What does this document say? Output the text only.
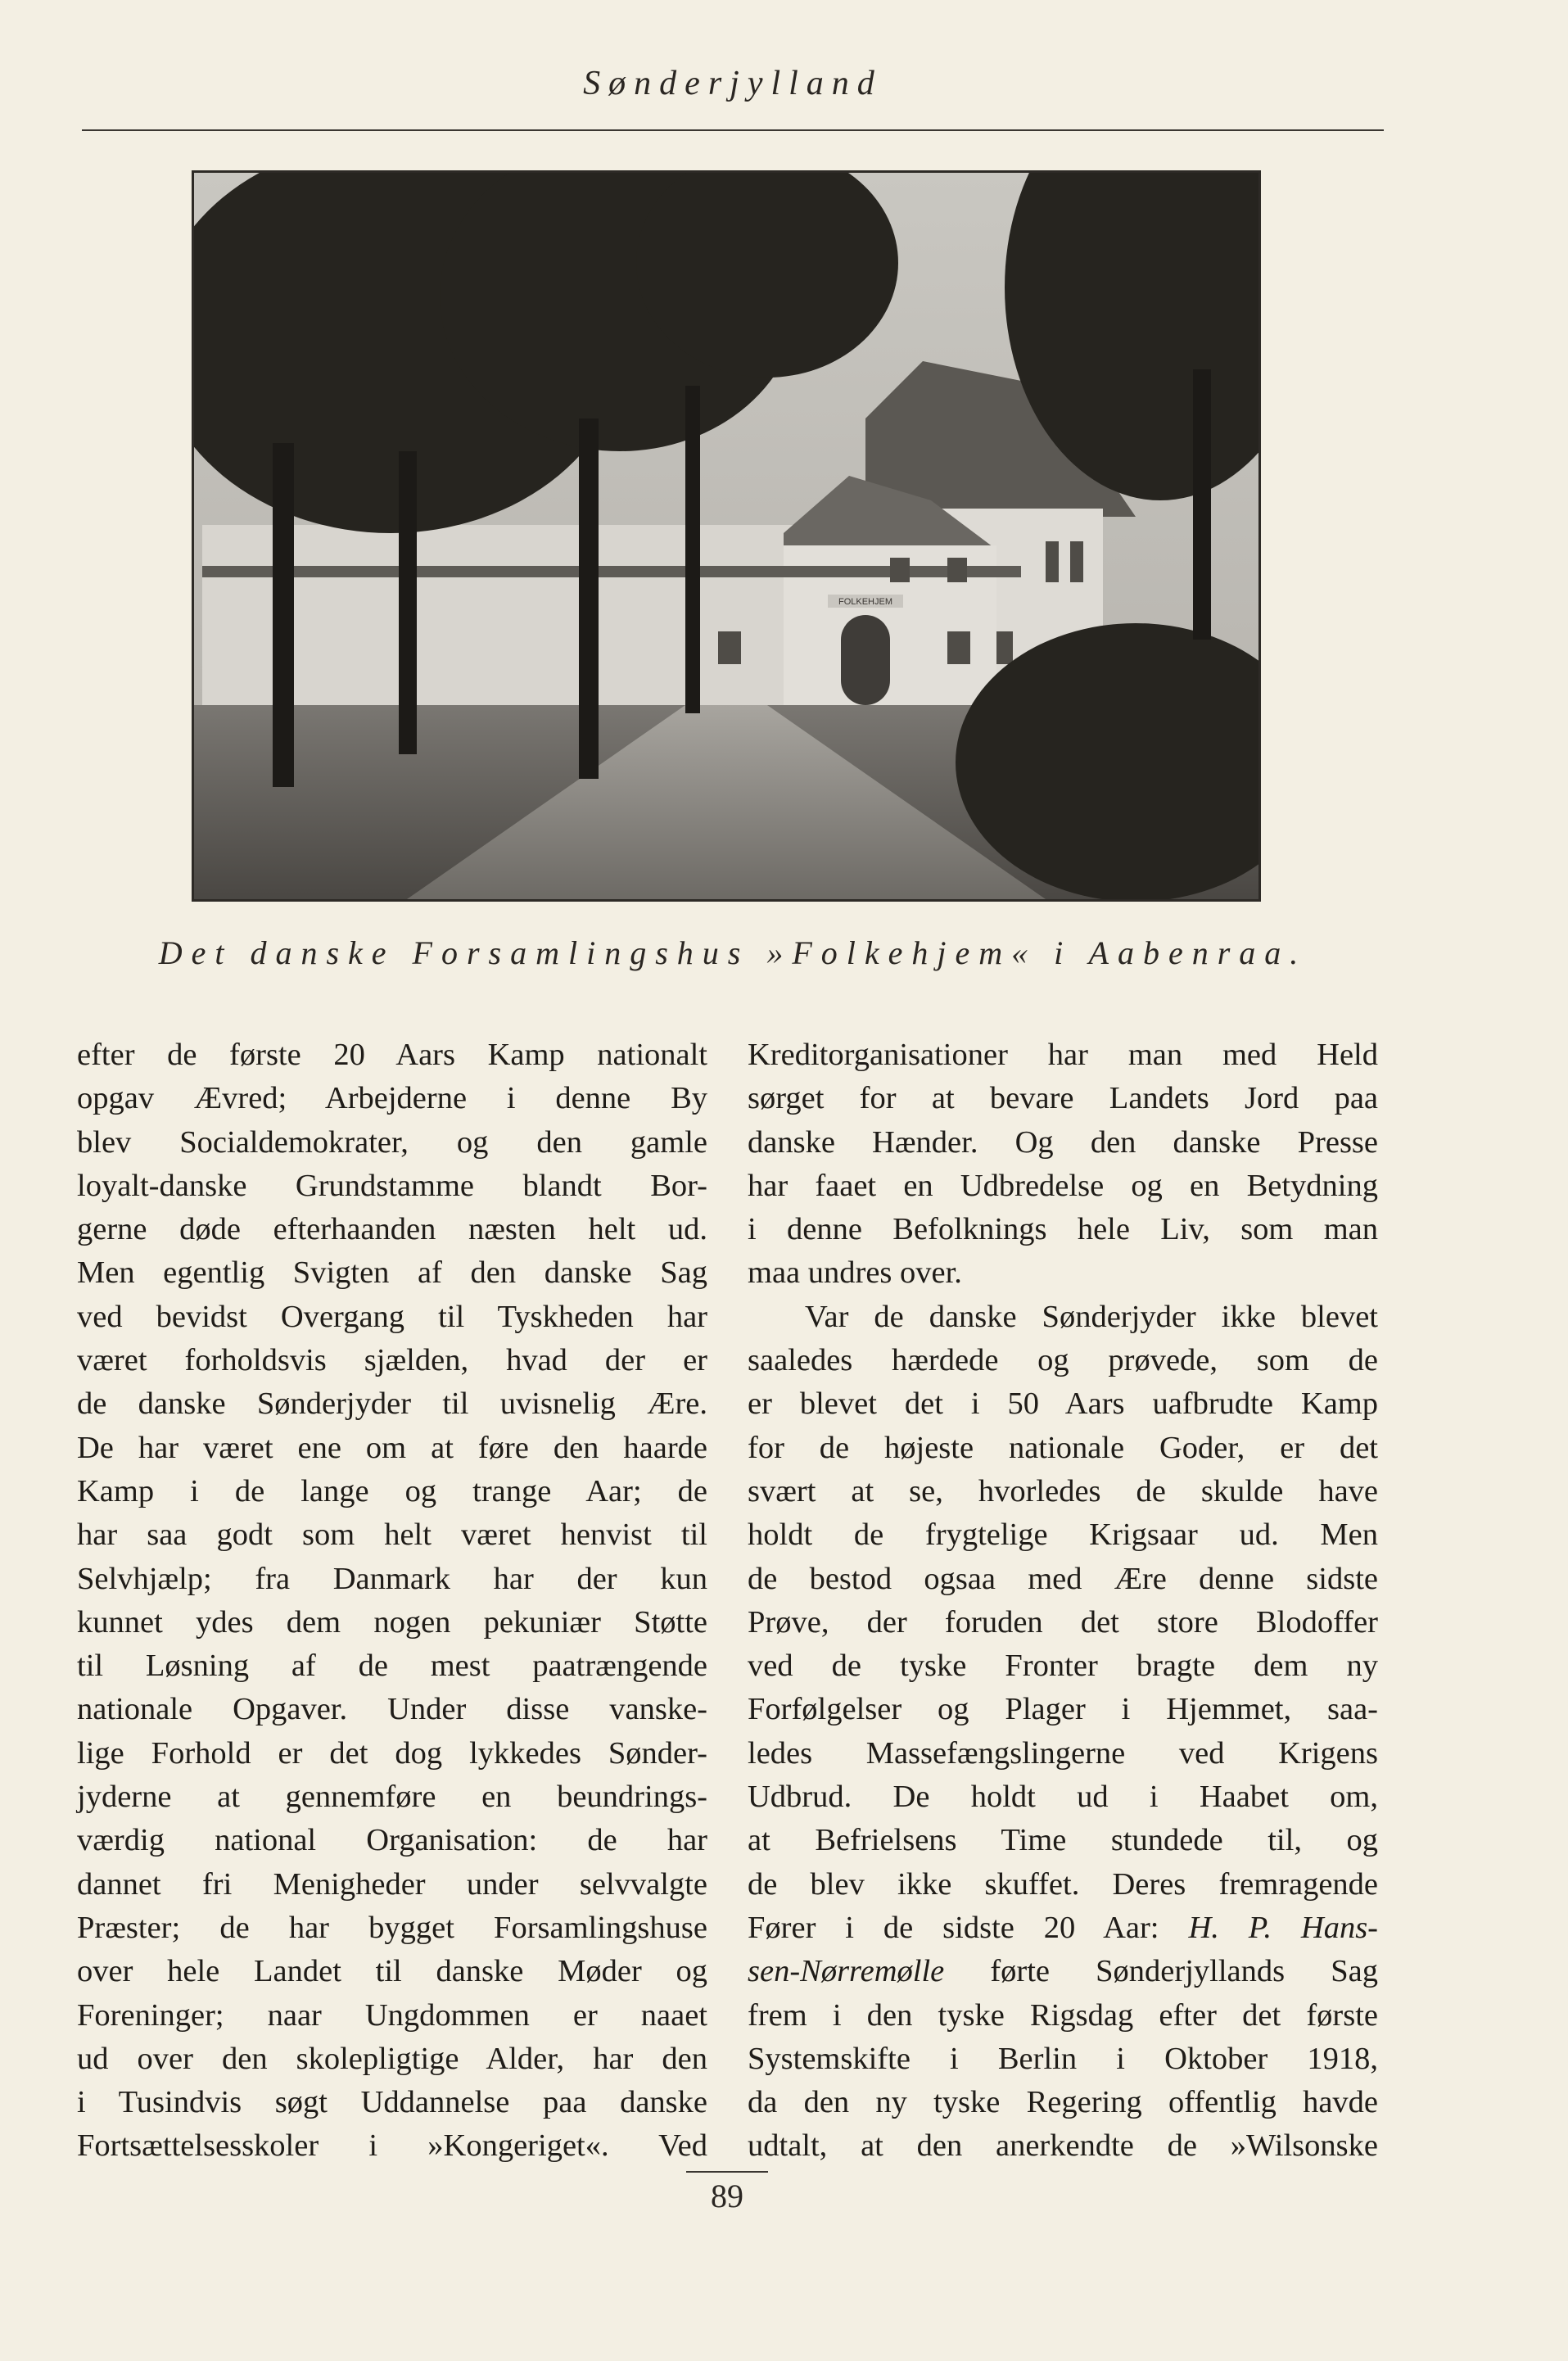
Sønderjylland
FOLKEHJEM
Det danske Forsamlingshus »Folkehjem« i Aabenraa.
efter de første 20 Aars Kamp nationalt
opgav Ævred; Arbejderne i denne By
blev Socialdemokrater, og den gamle
loyalt-danske Grundstamme blandt Bor-
gerne døde efterhaanden næsten helt ud.
Men egentlig Svigten af den danske Sag
ved bevidst Overgang til Tyskheden har
været forholdsvis sjælden, hvad der er
de danske Sønderjyder til uvisnelig Ære.
De har været ene om at føre den haarde
Kamp i de lange og trange Aar; de
har saa godt som helt været henvist til
Selvhjælp; fra Danmark har der kun
kunnet ydes dem nogen pekuniær Støtte
til Løsning af de mest paatrængende
nationale Opgaver. Under disse vanske-
lige Forhold er det dog lykkedes Sønder-
jyderne at gennemføre en beundrings-
værdig national Organisation: de har
dannet fri Menigheder under selvvalgte
Præster; de har bygget Forsamlingshuse
over hele Landet til danske Møder og
Foreninger; naar Ungdommen er naaet
ud over den skolepligtige Alder, har den
i Tusindvis søgt Uddannelse paa danske
Fortsættelsesskoler i »Kongeriget«. Ved
Kreditorganisationer har man med Held
sørget for at bevare Landets Jord paa
danske Hænder. Og den danske Presse
har faaet en Udbredelse og en Betydning
i denne Befolknings hele Liv, som man
maa undres over.
Var de danske Sønderjyder ikke blevet
saaledes hærdede og prøvede, som de
er blevet det i 50 Aars uafbrudte Kamp
for de højeste nationale Goder, er det
svært at se, hvorledes de skulde have
holdt de frygtelige Krigsaar ud. Men
de bestod ogsaa med Ære denne sidste
Prøve, der foruden det store Blodoffer
ved de tyske Fronter bragte dem ny
Forfølgelser og Plager i Hjemmet, saa-
ledes Massefængslingerne ved Krigens
Udbrud. De holdt ud i Haabet om,
at Befrielsens Time stundede til, og
de blev ikke skuffet. Deres fremragende
Fører i de sidste 20 Aar: H. P. Hans-
sen-Nørremølle førte Sønderjyllands Sag
frem i den tyske Rigsdag efter det første
Systemskifte i Berlin i Oktober 1918,
da den ny tyske Regering offentlig havde
udtalt, at den anerkendte de »Wilsonske
89
